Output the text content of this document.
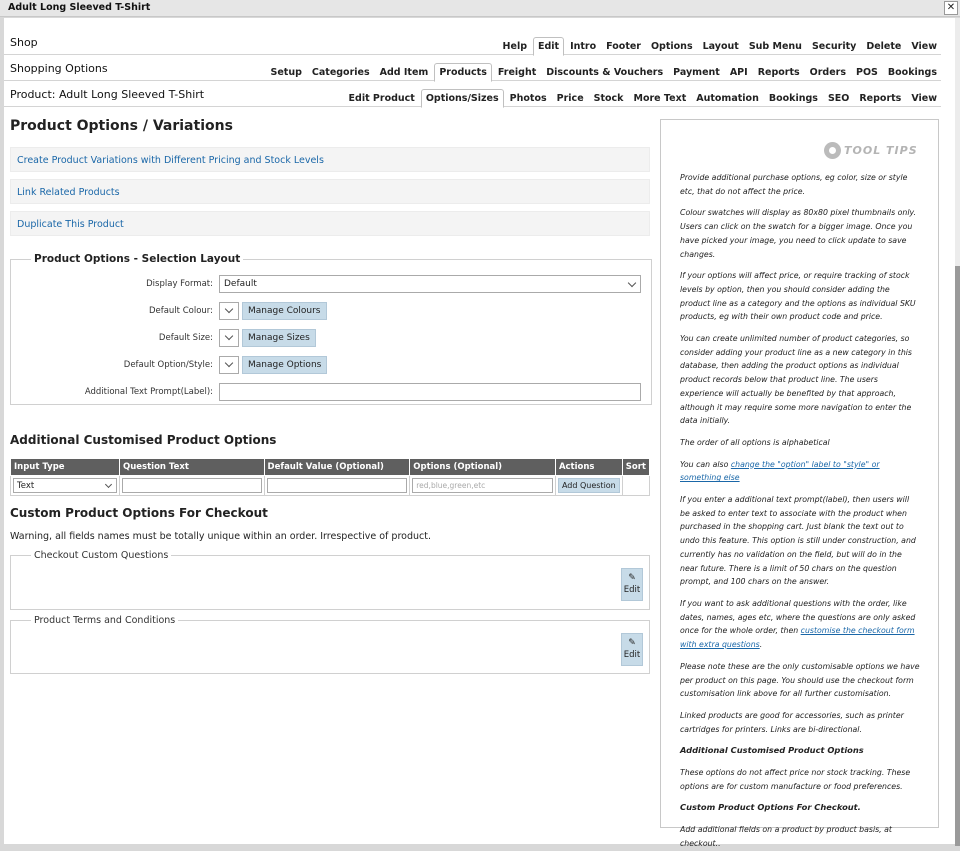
Adult Long Sleeved T-Shirt	✕
Shop	Help	Edit	Intro	Footer	Options	Layout	Sub Menu	Security	Delete	View
Shopping Options	Setup	Categories	Add Item	Products	Freight	Discounts & Vouchers	Payment	API	Reports	Orders	POS	Bookings
Product: Adult Long Sleeved T-Shirt	Edit Product	Options/Sizes	Photos	Price	Stock	More Text	Automation	Bookings	SEO	Reports	View
Product Options / Variations
Create Product Variations with Different Pricing and Stock Levels
Link Related Products
Duplicate This Product
Product Options - Selection Layout
Display Format:	Default
Default Colour:	Manage Colours
Default Size:	Manage Sizes
Default Option/Style:	Manage Options
Additional Text Prompt(Label):
Additional Customised Product Options
Input Type	Question Text	Default Value (Optional)	Options (Optional)	Actions	Sort

Text			red,blue,green,etc	Add Question	
Custom Product Options For Checkout
Warning, all fields names must be totally unique within an order. Irrespective of product.
Checkout Custom Questions
✎
Edit
Product Terms and Conditions
✎
Edit
TOOL TIPS

Provide additional purchase options, eg color, size or style etc, that do not affect the price.

Colour swatches will display as 80x80 pixel thumbnails only. Users can click on the swatch for a bigger image. Once you have picked your image, you need to click update to save changes.

If your options will affect price, or require tracking of stock levels by option, then you should consider adding the product line as a category and the options as individual SKU products, eg with their own product code and price.

You can create unlimited number of product categories, so consider adding your product line as a new category in this database, then adding the product options as individual product records below that product line. The users experience will actually be benefited by that approach, although it may require some more navigation to enter the data initially.

The order of all options is alphabetical

You can also change the "option" label to "style" or something else

If you enter a additional text prompt(label), then users will be asked to enter text to associate with the product when purchased in the shopping cart. Just blank the text out to undo this feature. This option is still under construction, and currently has no validation on the field, but will do in the near future. There is a limit of 50 chars on the question prompt, and 100 chars on the answer.

If you want to ask additional questions with the order, like dates, names, ages etc, where the questions are only asked once for the whole order, then customise the checkout form with extra questions.

Please note these are the only customisable options we have per product on this page. You should use the checkout form customisation link above for all further customisation.

Linked products are good for accessories, such as printer cartridges for printers. Links are bi-directional.

Additional Customised Product Options

These options do not affect price nor stock tracking. These options are for custom manufacture or food preferences.

Custom Product Options For Checkout.

Add additional fields on a product by product basis, at checkout..
